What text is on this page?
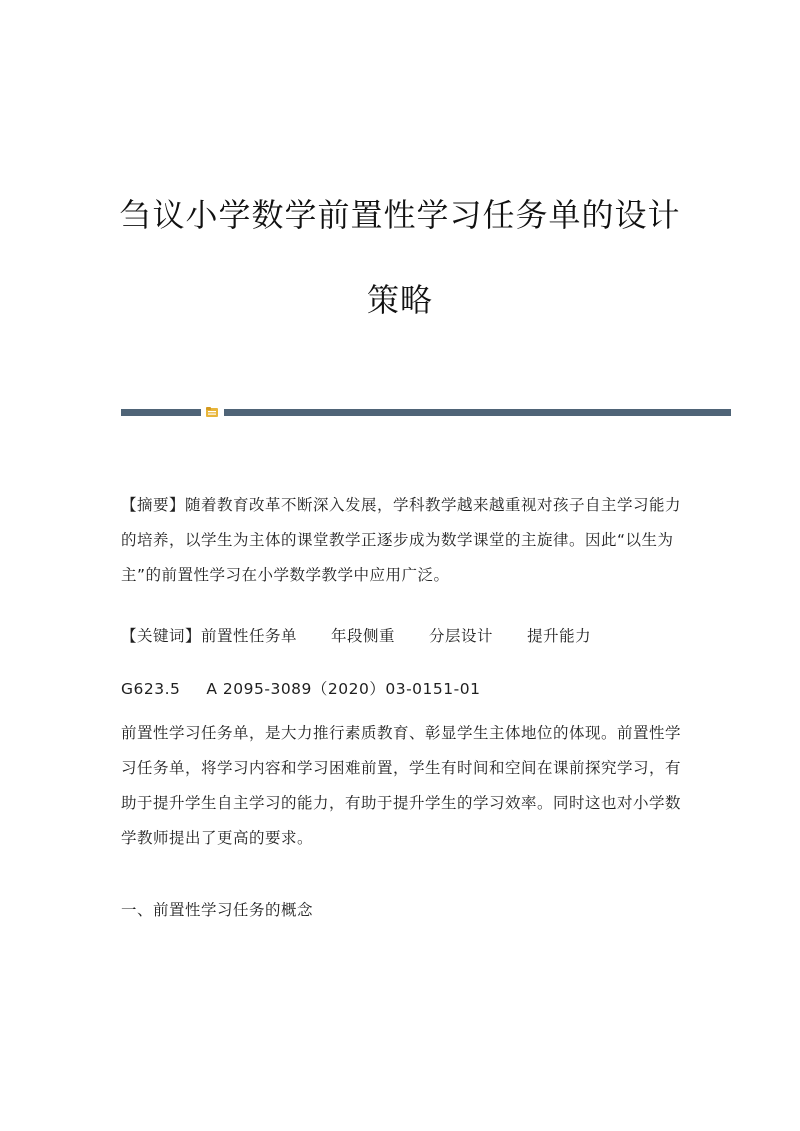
刍议小学数学前置性学习任务单的设计
策略
【摘要】随着教育改革不断深入发展，学科教学越来越重视对孩子自主学习能力的培养，以学生为主体的课堂教学正逐步成为数学课堂的主旋律。因此“以生为主”的前置性学习在小学数学教学中应用广泛。
【关键词】前置性任务单 年段侧重 分层设计 提升能力
G623.5 A 2095-3089（2020）03-0151-01
前置性学习任务单，是大力推行素质教育、彰显学生主体地位的体现。前置性学习任务单，将学习内容和学习困难前置，学生有时间和空间在课前探究学习，有助于提升学生自主学习的能力，有助于提升学生的学习效率。同时这也对小学数学教师提出了更高的要求。
一、前置性学习任务的概念
